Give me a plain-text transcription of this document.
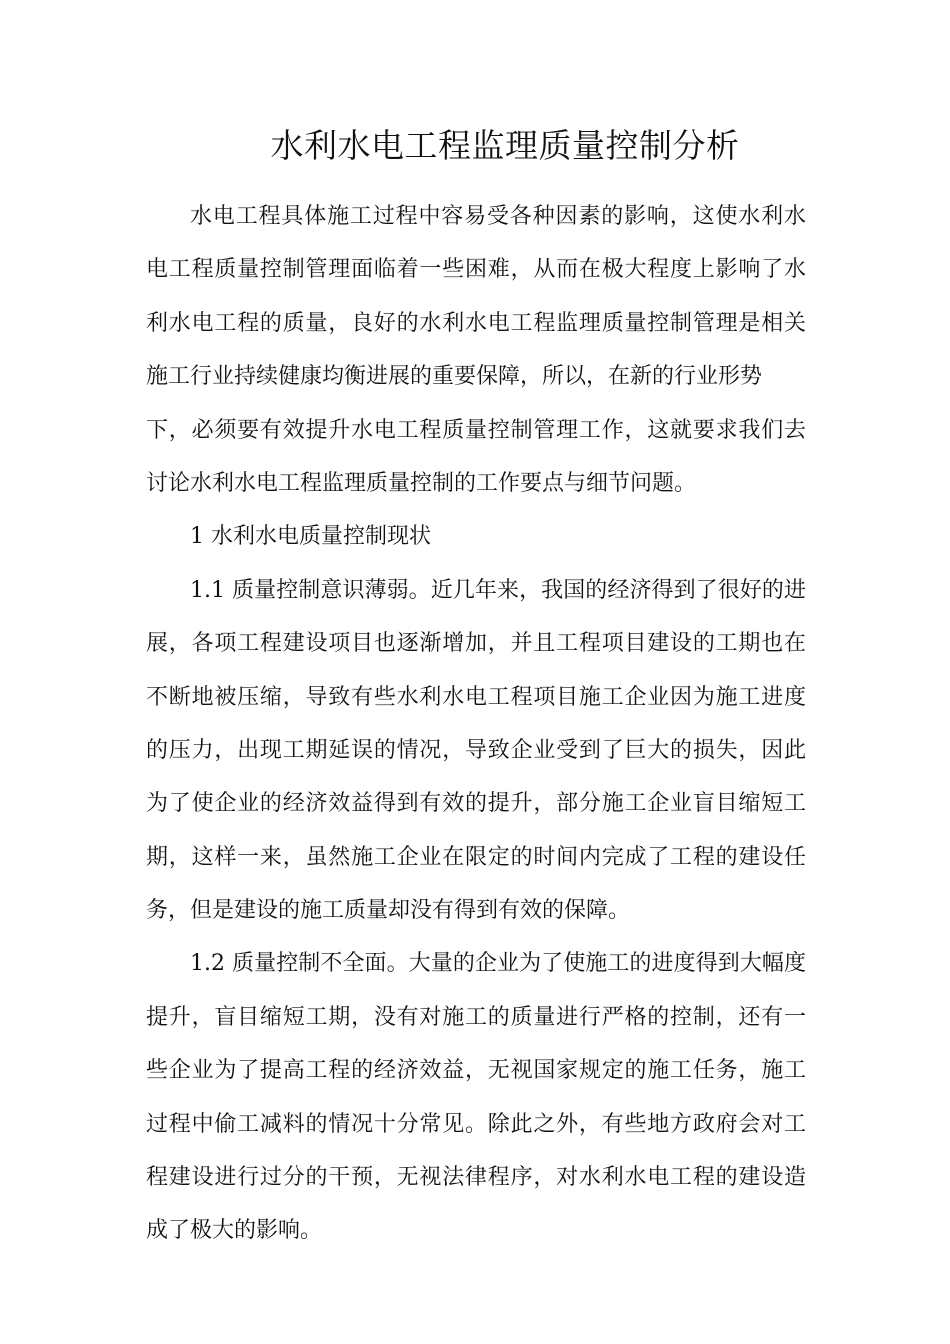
水利水电工程监理质量控制分析
水电工程具体施工过程中容易受各种因素的影响，这使水利水
电工程质量控制管理面临着一些困难，从而在极大程度上影响了水
利水电工程的质量，良好的水利水电工程监理质量控制管理是相关
施工行业持续健康均衡进展的重要保障，所以，在新的行业形势
下，必须要有效提升水电工程质量控制管理工作，这就要求我们去
讨论水利水电工程监理质量控制的工作要点与细节问题。
1 水利水电质量控制现状
1.1 质量控制意识薄弱。近几年来，我国的经济得到了很好的进
展，各项工程建设项目也逐渐增加，并且工程项目建设的工期也在
不断地被压缩，导致有些水利水电工程项目施工企业因为施工进度
的压力，出现工期延误的情况，导致企业受到了巨大的损失，因此
为了使企业的经济效益得到有效的提升，部分施工企业盲目缩短工
期，这样一来，虽然施工企业在限定的时间内完成了工程的建设任
务，但是建设的施工质量却没有得到有效的保障。
1.2 质量控制不全面。大量的企业为了使施工的进度得到大幅度
提升，盲目缩短工期，没有对施工的质量进行严格的控制，还有一
些企业为了提高工程的经济效益，无视国家规定的施工任务，施工
过程中偷工减料的情况十分常见。除此之外，有些地方政府会对工
程建设进行过分的干预，无视法律程序，对水利水电工程的建设造
成了极大的影响。
